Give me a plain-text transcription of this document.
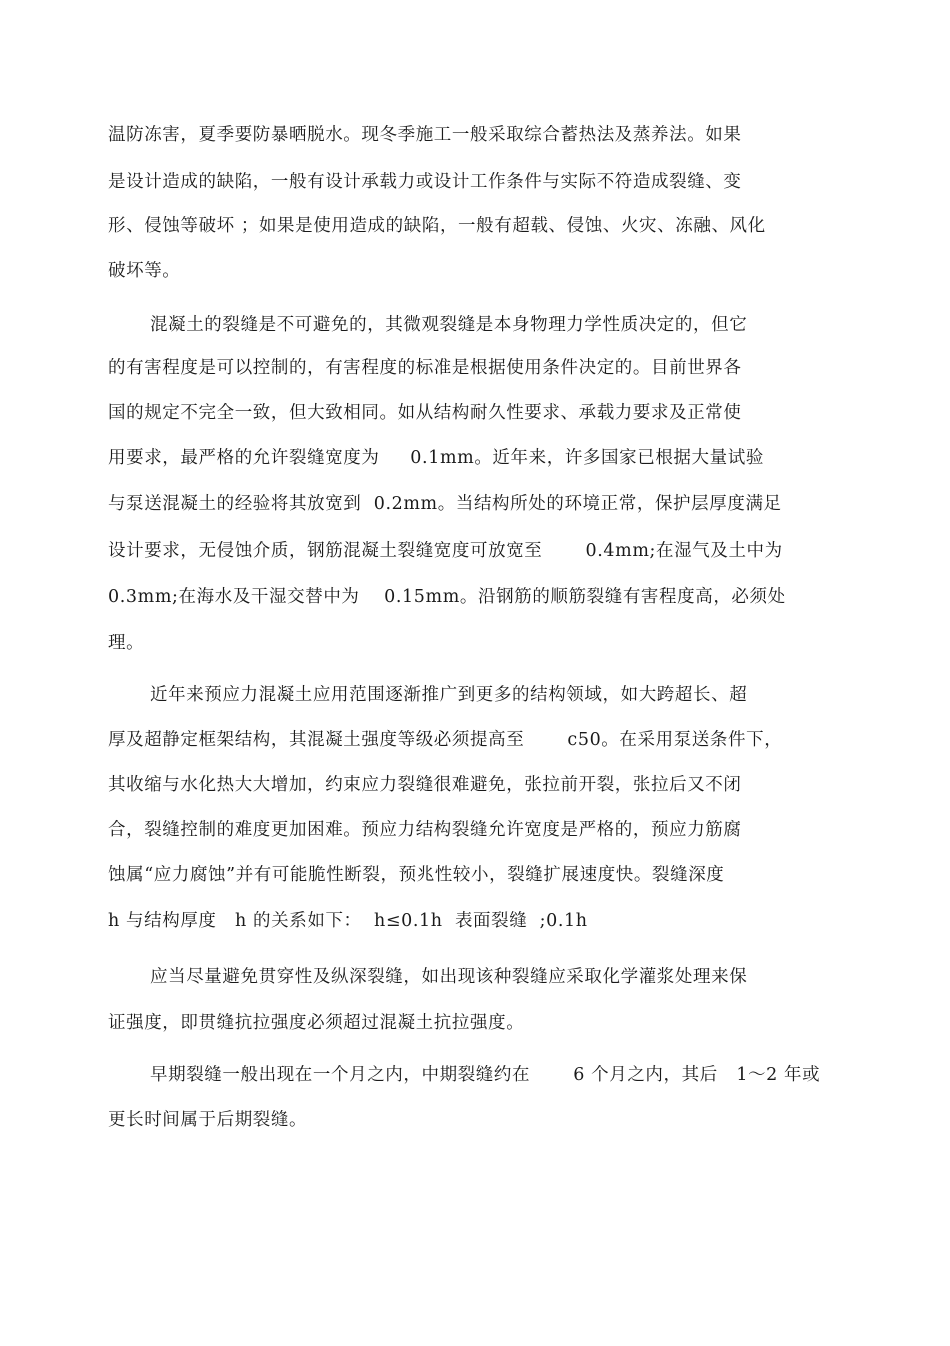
温防冻害，夏季要防暴晒脱水。现冬季施工一般采取综合蓄热法及蒸养法。如果
是设计造成的缺陷，一般有设计承载力或设计工作条件与实际不符造成裂缝、变
形、侵蚀等破坏 ；如果是使用造成的缺陷，一般有超载、侵蚀、火灾、冻融、风化
破坏等。
混凝土的裂缝是不可避免的，其微观裂缝是本身物理力学性质决定的，但它
的有害程度是可以控制的，有害程度的标准是根据使用条件决定的。目前世界各
国的规定不完全一致，但大致相同。如从结构耐久性要求、承载力要求及正常使
用要求，最严格的允许裂缝宽度为     0.1mm。近年来，许多国家已根据大量试验
与泵送混凝土的经验将其放宽到  0.2mm。当结构所处的环境正常，保护层厚度满足
设计要求，无侵蚀介质，钢筋混凝土裂缝宽度可放宽至       0.4mm;在湿气及土中为
0.3mm;在海水及干湿交替中为    0.15mm。沿钢筋的顺筋裂缝有害程度高，必须处
理。
近年来预应力混凝土应用范围逐渐推广到更多的结构领域，如大跨超长、超
厚及超静定框架结构，其混凝土强度等级必须提高至       c50。在采用泵送条件下，
其收缩与水化热大大增加，约束应力裂缝很难避免，张拉前开裂，张拉后又不闭
合，裂缝控制的难度更加困难。预应力结构裂缝允许宽度是严格的，预应力筋腐
蚀属“应力腐蚀”并有可能脆性断裂，预兆性较小，裂缝扩展速度快。裂缝深度
h 与结构厚度   h 的关系如下：  h≤0.1h  表面裂缝  ;0.1h
应当尽量避免贯穿性及纵深裂缝，如出现该种裂缝应采取化学灌浆处理来保
证强度，即贯缝抗拉强度必须超过混凝土抗拉强度。
早期裂缝一般出现在一个月之内，中期裂缝约在       6 个月之内，其后   1～2 年或
更长时间属于后期裂缝。
